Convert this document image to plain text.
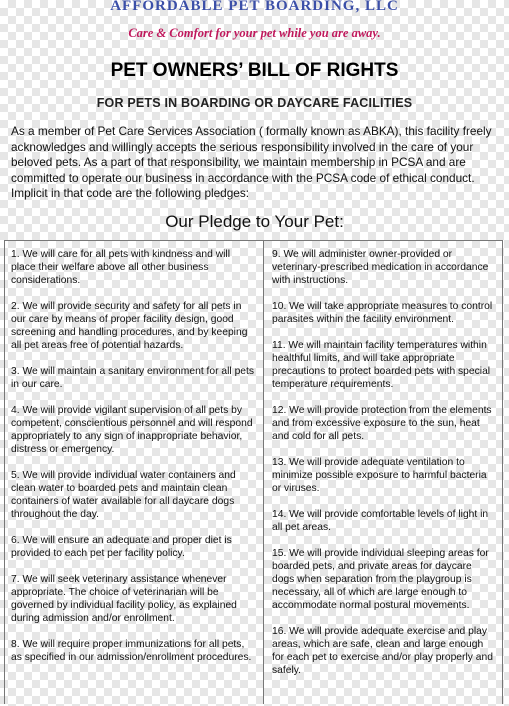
AFFORDABLE PET BOARDING, LLC
Care & Comfort for your pet while you are away.
PET OWNERS’ BILL OF RIGHTS
FOR PETS IN BOARDING OR DAYCARE FACILITIES
As a member of Pet Care Services Association ( formally known as ABKA), this facility freely acknowledges and willingly accepts the serious responsibility involved in the care of your beloved pets. As a part of that responsibility, we maintain membership in PCSA and are committed to operate our business in accordance with the PCSA code of ethical conduct. Implicit in that code are the following pledges:
Our Pledge to Your Pet:
1. We will care for all pets with kindness and will place their welfare above all other business considerations.
2. We will provide security and safety for all pets in our care by means of proper facility design, good screening and handling procedures, and by keeping all pet areas free of potential hazards.
3. We will maintain a sanitary environment for all pets in our care.
4. We will provide vigilant supervision of all pets by competent, conscientious personnel and will respond appropriately to any sign of inappropriate behavior, distress or emergency.
5. We will provide individual water containers and clean water to boarded pets and maintain clean containers of water available for all daycare dogs throughout the day.
6. We will ensure an adequate and proper diet is provided to each pet per facility policy.
7. We will seek veterinary assistance whenever appropriate. The choice of veterinarian will be governed by individual facility policy, as explained during admission and/or enrollment.
8. We will require proper immunizations for all pets, as specified in our admission/enrollment procedures.
9. We will administer owner-provided or veterinary-prescribed medication in accordance with instructions.
10. We will take appropriate measures to control parasites within the facility environment.
11. We will maintain facility temperatures within healthful limits, and will take appropriate precautions to protect boarded pets with special temperature requirements.
12. We will provide protection from the elements and from excessive exposure to the sun, heat and cold for all pets.
13. We will provide adequate ventilation to minimize possible exposure to harmful bacteria or viruses.
14. We will provide comfortable levels of light in all pet areas.
15. We will provide individual sleeping areas for boarded pets, and private areas for daycare dogs when separation from the playgroup is necessary, all of which are large enough to accommodate normal postural movements.
16. We will provide adequate exercise and play areas, which are safe, clean and large enough for each pet to exercise and/or play properly and safely.
